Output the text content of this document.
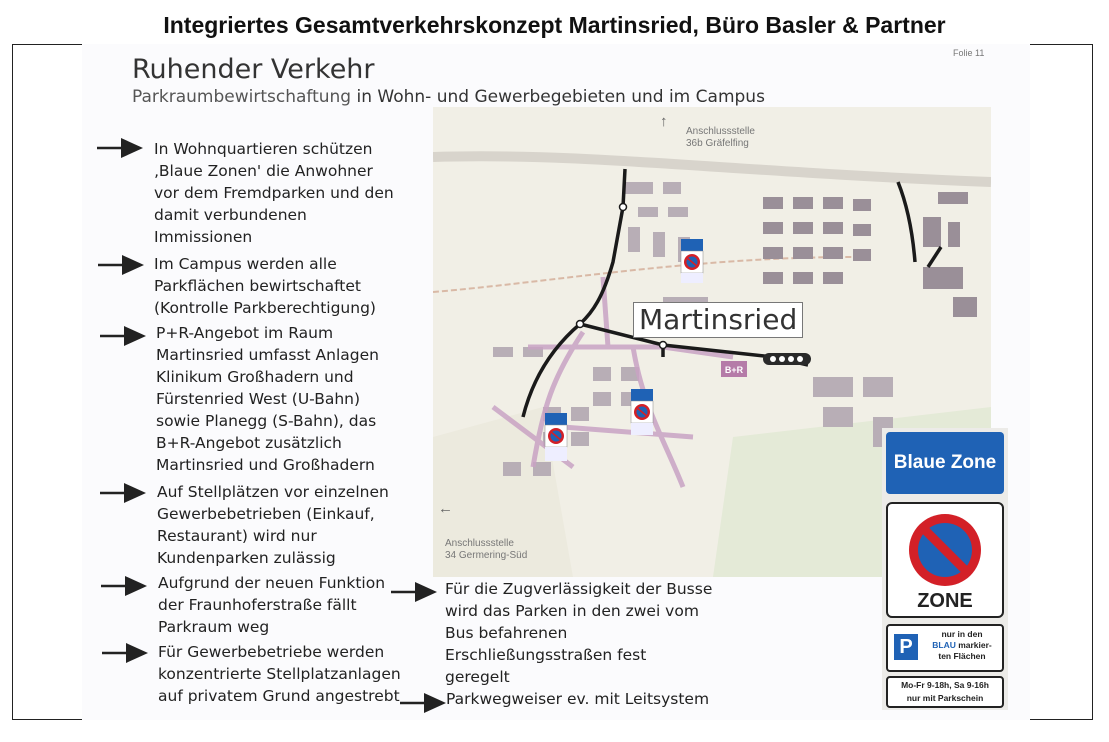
Integriertes Gesamtverkehrskonzept Martinsried, Büro Basler & Partner
Folie 11
Ruhender Verkehr
Parkraumbewirtschaftung in Wohn- und Gewerbegebieten und im Campus
B+R
↑
Anschlussstelle
36b Gräfelfing
←
Anschlussstelle
34 Germering-Süd
Martinsried
In Wohnquartieren schützen
‚Blaue Zonen' die Anwohner
vor dem Fremdparken und den
damit verbundenen
Immissionen
Im Campus werden alle
Parkflächen bewirtschaftet
(Kontrolle Parkberechtigung)
P+R-Angebot im Raum
Martinsried umfasst Anlagen
Klinikum Großhadern und
Fürstenried West (U-Bahn)
sowie Planegg (S-Bahn), das
B+R-Angebot zusätzlich
Martinsried und Großhadern
Auf Stellplätzen vor einzelnen
Gewerbebetrieben (Einkauf,
Restaurant) wird nur
Kundenparken zulässig
Aufgrund der neuen Funktion
der Fraunhoferstraße fällt
Parkraum weg
Für Gewerbebetriebe werden
konzentrierte Stellplatzanlagen
auf privatem Grund angestrebt
Für die Zugverlässigkeit der Busse
wird das Parken in den zwei vom
Bus befahrenen
Erschließungsstraßen fest
geregelt
Parkwegweiser ev. mit Leitsystem
Blaue Zone
ZONE
P
nur in den
BLAU markier-
ten Flächen
Mo-Fr 9-18h, Sa 9-16h
nur mit Parkschein
